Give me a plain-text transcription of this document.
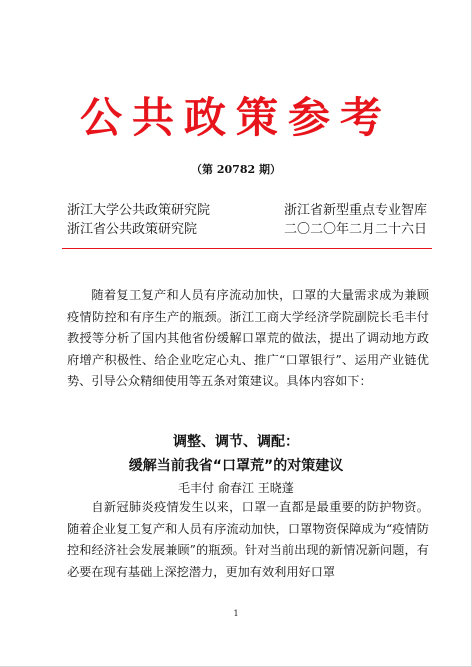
公共政策参考
（第 20782 期）
浙江大学公共政策研究院	浙江省新型重点专业智库
浙江省公共政策研究院	二〇二〇年二月二十六日

随着复工复产和人员有序流动加快，口罩的大量需求成为兼顾疫情防控和有序生产的瓶颈。浙江工商大学经济学院副院长毛丰付教授等分析了国内其他省份缓解口罩荒的做法，提出了调动地方政府增产积极性、给企业吃定心丸、推广“口罩银行”、运用产业链优势、引导公众精细使用等五条对策建议。具体内容如下：

调整、调节、调配：
缓解当前我省“口罩荒”的对策建议
毛丰付 俞春江 王晓蓬

自新冠肺炎疫情发生以来，口罩一直都是最重要的防护物资。随着企业复工复产和人员有序流动加快，口罩物资保障成为“疫情防控和经济社会发展兼顾”的瓶颈。针对当前出现的新情况新问题，有必要在现有基础上深挖潜力，更加有效利用好口罩

1
